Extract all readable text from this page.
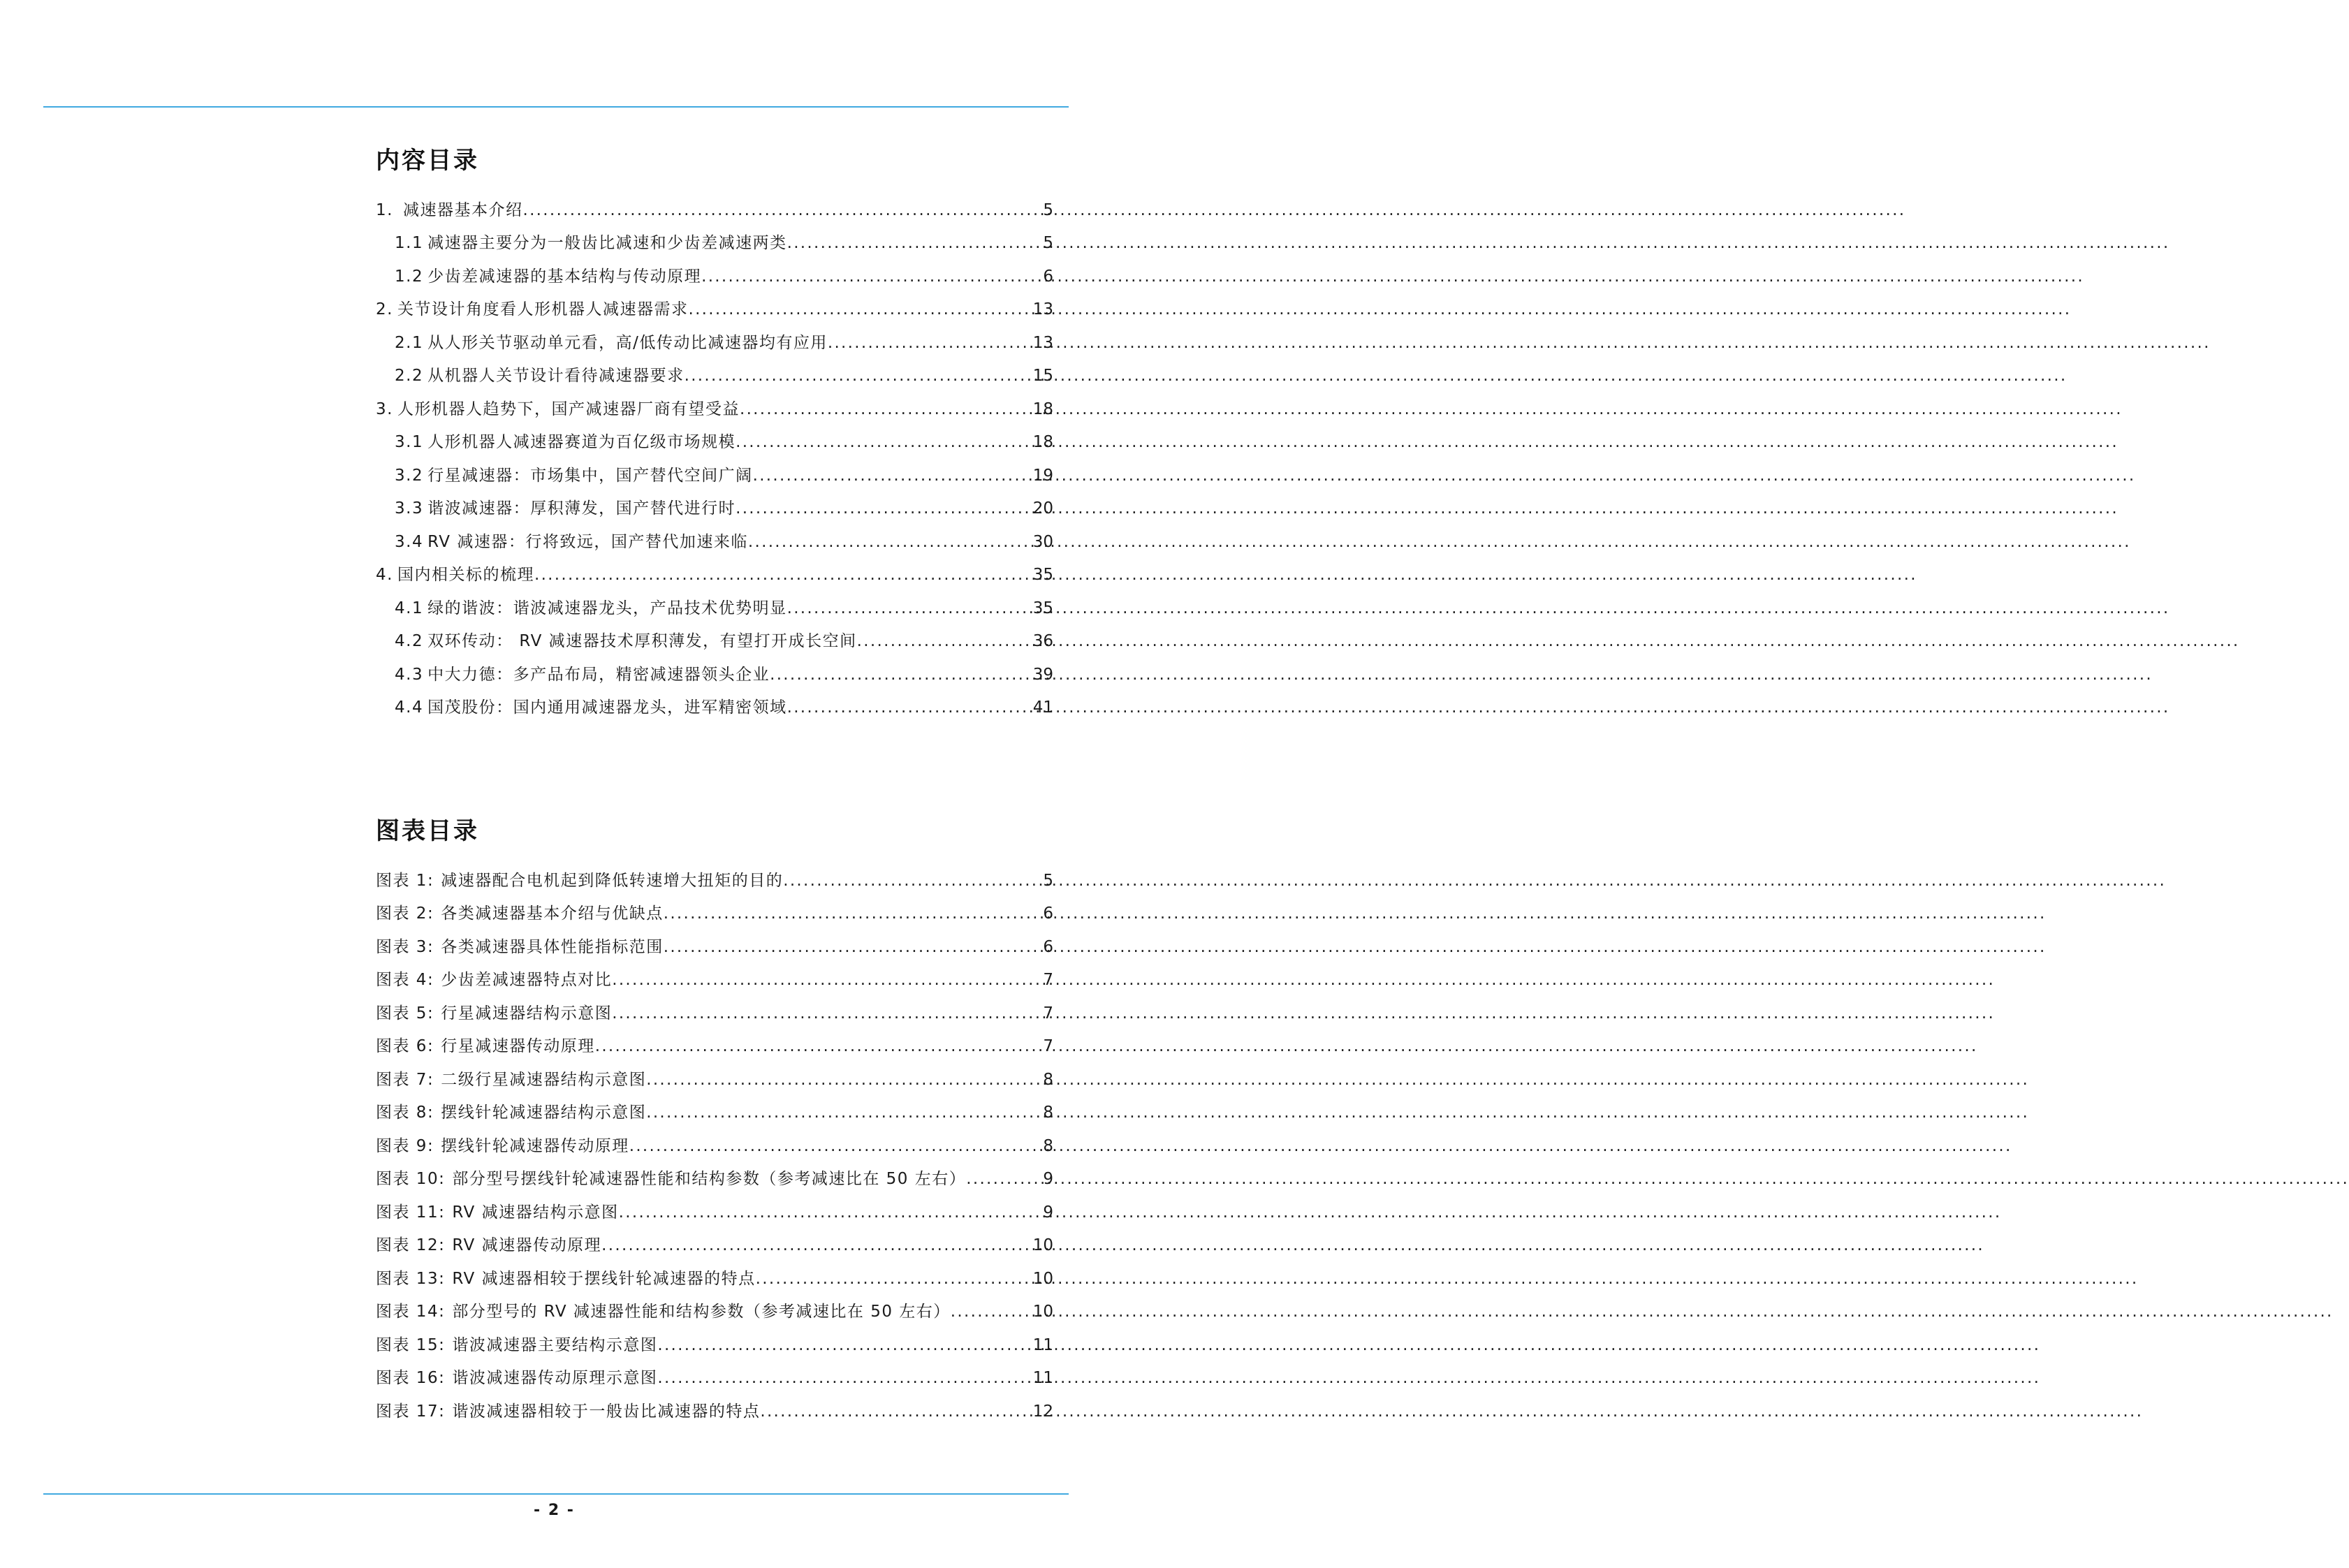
内容目录
1. 减速器基本介绍 .....	5
1.1 减速器主要分为一般齿比减速和少齿差减速两类 .....	5
1.2 少齿差减速器的基本结构与传动原理 .....	6
2. 关节设计角度看人形机器人减速器需求 .....	13
2.1 从人形关节驱动单元看，高/低传动比减速器均有应用 .....	13
2.2 从机器人关节设计看待减速器要求 .....	15
3. 人形机器人趋势下，国产减速器厂商有望受益 .....	18
3.1 人形机器人减速器赛道为百亿级市场规模 .....	18
3.2 行星减速器：市场集中，国产替代空间广阔 .....	19
3.3 谐波减速器：厚积薄发，国产替代进行时 .....	20
3.4 RV 减速器：行将致远，国产替代加速来临 .....	30
4. 国内相关标的梳理 .....	35
4.1 绿的谐波：谐波减速器龙头，产品技术优势明显 .....	35
4.2 双环传动： RV 减速器技术厚积薄发，有望打开成长空间 .....	36
4.3 中大力德：多产品布局，精密减速器领头企业 .....	39
4.4 国茂股份：国内通用减速器龙头，进军精密领域 .....	41
图表目录
图表 1: 减速器配合电机起到降低转速增大扭矩的目的 .....	5
图表 2: 各类减速器基本介绍与优缺点 .....	6
图表 3: 各类减速器具体性能指标范围 .....	6
图表 4: 少齿差减速器特点对比 .....	7
图表 5: 行星减速器结构示意图 .....	7
图表 6: 行星减速器传动原理 .....	7
图表 7: 二级行星减速器结构示意图 .....	8
图表 8: 摆线针轮减速器结构示意图 .....	8
图表 9: 摆线针轮减速器传动原理 .....	8
图表 10: 部分型号摆线针轮减速器性能和结构参数（参考减速比在 50 左右） .....	9
图表 11: RV 减速器结构示意图 .....	9
图表 12: RV 减速器传动原理 .....	10
图表 13: RV 减速器相较于摆线针轮减速器的特点 .....	10
图表 14: 部分型号的 RV 减速器性能和结构参数（参考减速比在 50 左右） .....	10
图表 15: 谐波减速器主要结构示意图 .....	11
图表 16: 谐波减速器传动原理示意图 .....	11
图表 17: 谐波减速器相较于一般齿比减速器的特点 .....	12
- 2 -
